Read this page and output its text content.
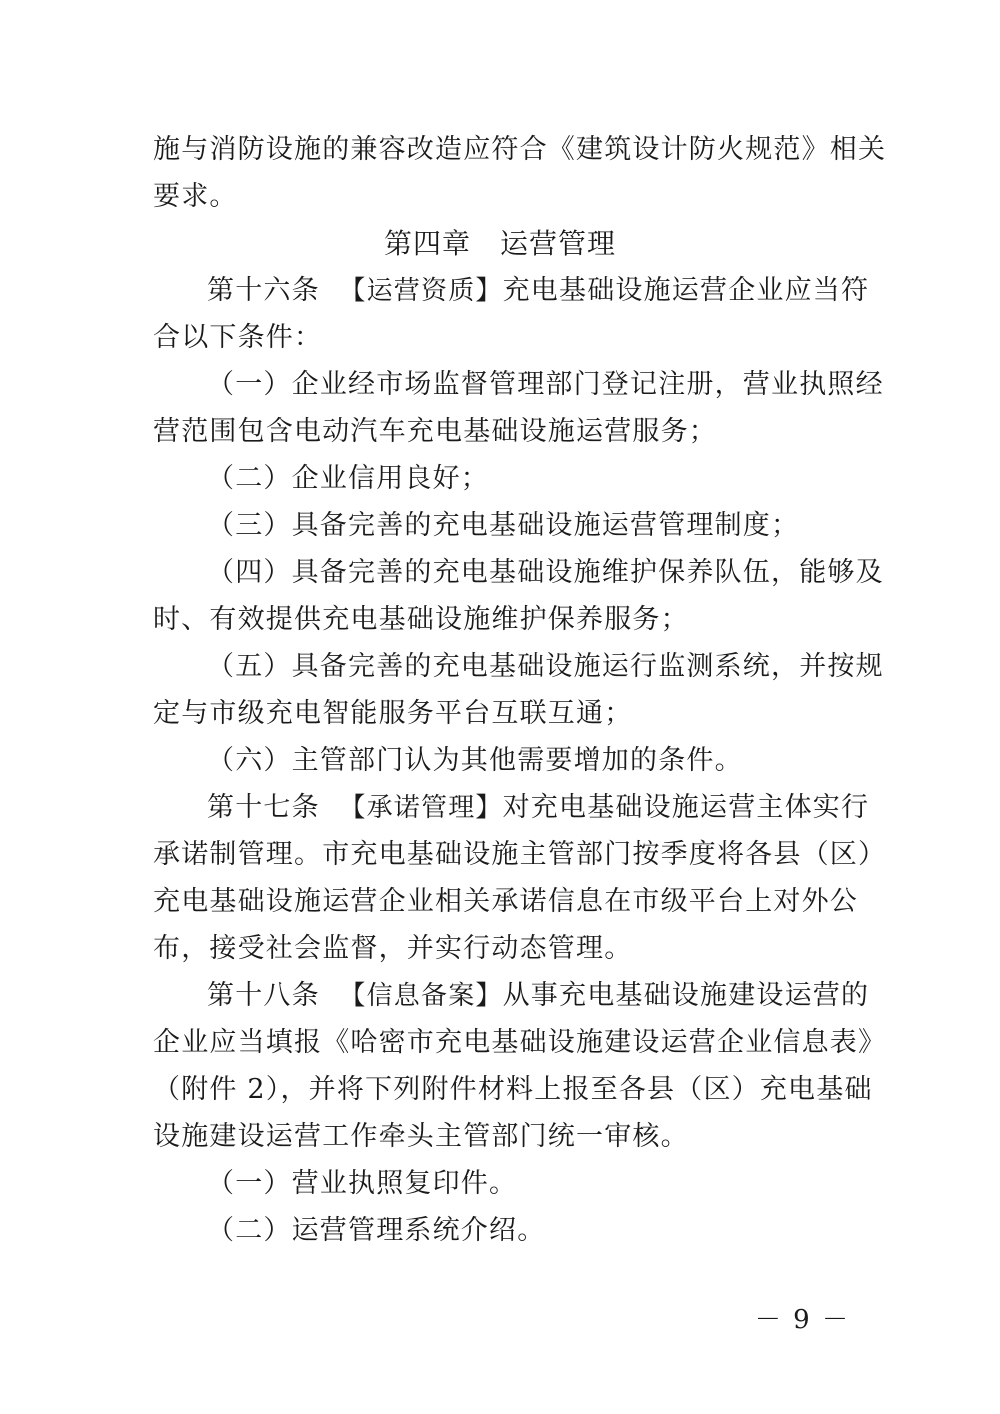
施与消防设施的兼容改造应符合《建筑设计防火规范》相关
要求。
第四章　运营管理
第十六条 【运营资质】充电基础设施运营企业应当符
合以下条件：
（一）企业经市场监督管理部门登记注册，营业执照经
营范围包含电动汽车充电基础设施运营服务；
（二）企业信用良好；
（三）具备完善的充电基础设施运营管理制度；
（四）具备完善的充电基础设施维护保养队伍，能够及
时、有效提供充电基础设施维护保养服务；
（五）具备完善的充电基础设施运行监测系统，并按规
定与市级充电智能服务平台互联互通；
（六）主管部门认为其他需要增加的条件。
第十七条 【承诺管理】对充电基础设施运营主体实行
承诺制管理。市充电基础设施主管部门按季度将各县（区）
充电基础设施运营企业相关承诺信息在市级平台上对外公
布，接受社会监督，并实行动态管理。
第十八条 【信息备案】从事充电基础设施建设运营的
企业应当填报《哈密市充电基础设施建设运营企业信息表》
（附件 2），并将下列附件材料上报至各县（区）充电基础
设施建设运营工作牵头主管部门统一审核。
（一）营业执照复印件。
（二）运营管理系统介绍。
－ 9 －
